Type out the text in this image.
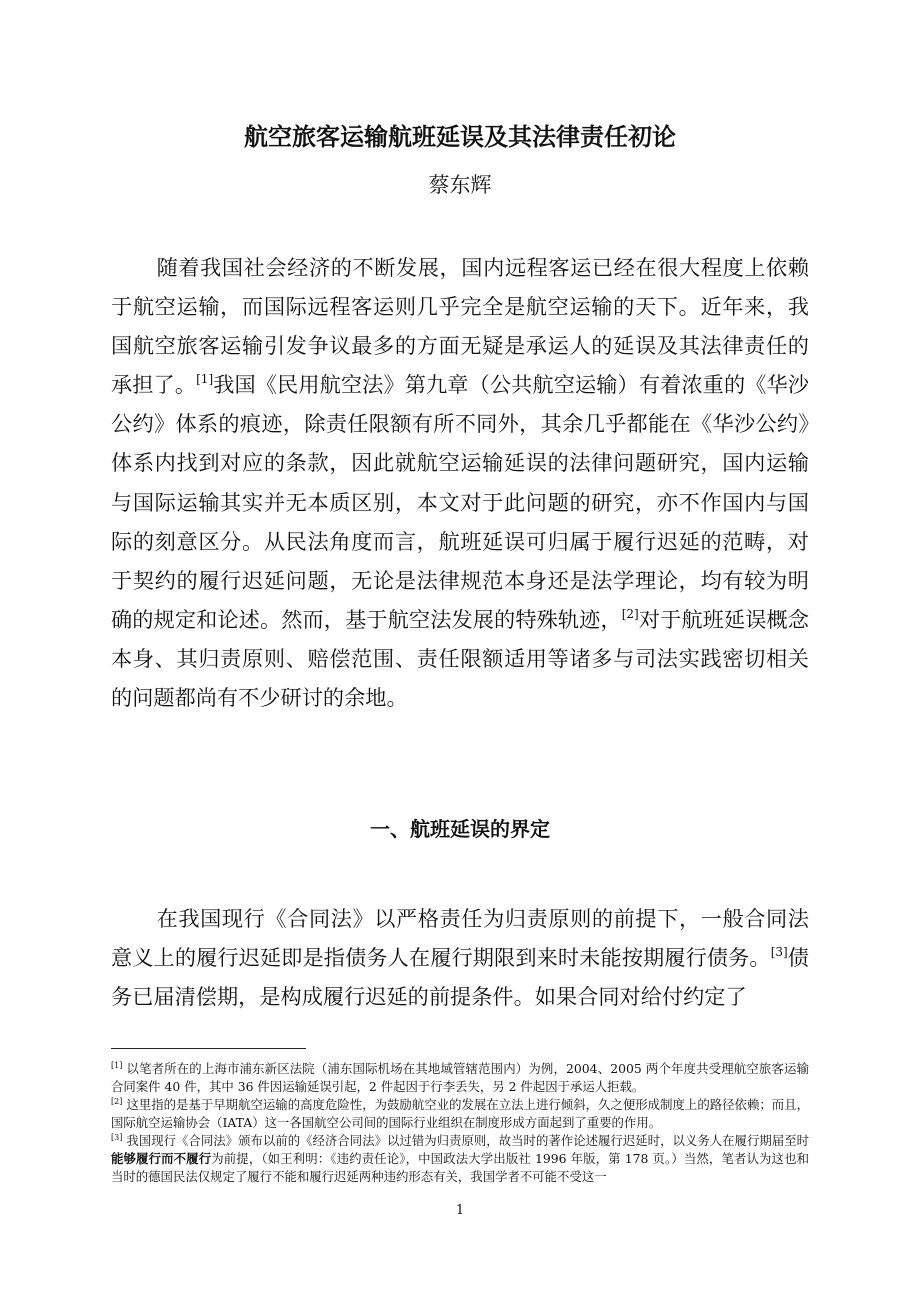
航空旅客运输航班延误及其法律责任初论

蔡东辉

随着我国社会经济的不断发展，国内远程客运已经在很大程度上依赖于航空运输，而国际远程客运则几乎完全是航空运输的天下。近年来，我国航空旅客运输引发争议最多的方面无疑是承运人的延误及其法律责任的承担了。[1]我国《民用航空法》第九章（公共航空运输）有着浓重的《华沙公约》体系的痕迹，除责任限额有所不同外，其余几乎都能在《华沙公约》体系内找到对应的条款，因此就航空运输延误的法律问题研究，国内运输与国际运输其实并无本质区别，本文对于此问题的研究，亦不作国内与国际的刻意区分。从民法角度而言，航班延误可归属于履行迟延的范畴，对于契约的履行迟延问题，无论是法律规范本身还是法学理论，均有较为明确的规定和论述。然而，基于航空法发展的特殊轨迹，[2]对于航班延误概念本身、其归责原则、赔偿范围、责任限额适用等诸多与司法实践密切相关的问题都尚有不少研讨的余地。

一、航班延误的界定

在我国现行《合同法》以严格责任为归责原则的前提下，一般合同法意义上的履行迟延即是指债务人在履行期限到来时未能按期履行债务。[3]债务已届清偿期，是构成履行迟延的前提条件。如果合同对给付约定了

[1] 以笔者所在的上海市浦东新区法院（浦东国际机场在其地域管辖范围内）为例，2004、2005 两个年度共受理航空旅客运输合同案件 40 件，其中 36 件因运输延误引起，2 件起因于行李丢失，另 2 件起因于承运人拒载。

[2] 这里指的是基于早期航空运输的高度危险性，为鼓励航空业的发展在立法上进行倾斜，久之便形成制度上的路径依赖；而且，国际航空运输协会（IATA）这一各国航空公司间的国际行业组织在制度形成方面起到了重要的作用。

[3] 我国现行《合同法》颁布以前的《经济合同法》以过错为归责原则，故当时的著作论述履行迟延时，以义务人在履行期届至时能够履行而不履行为前提，（如王利明：《违约责任论》，中国政法大学出版社 1996 年版，第 178 页。）当然，笔者认为这也和当时的德国民法仅规定了履行不能和履行迟延两种违约形态有关，我国学者不可能不受这一

1
